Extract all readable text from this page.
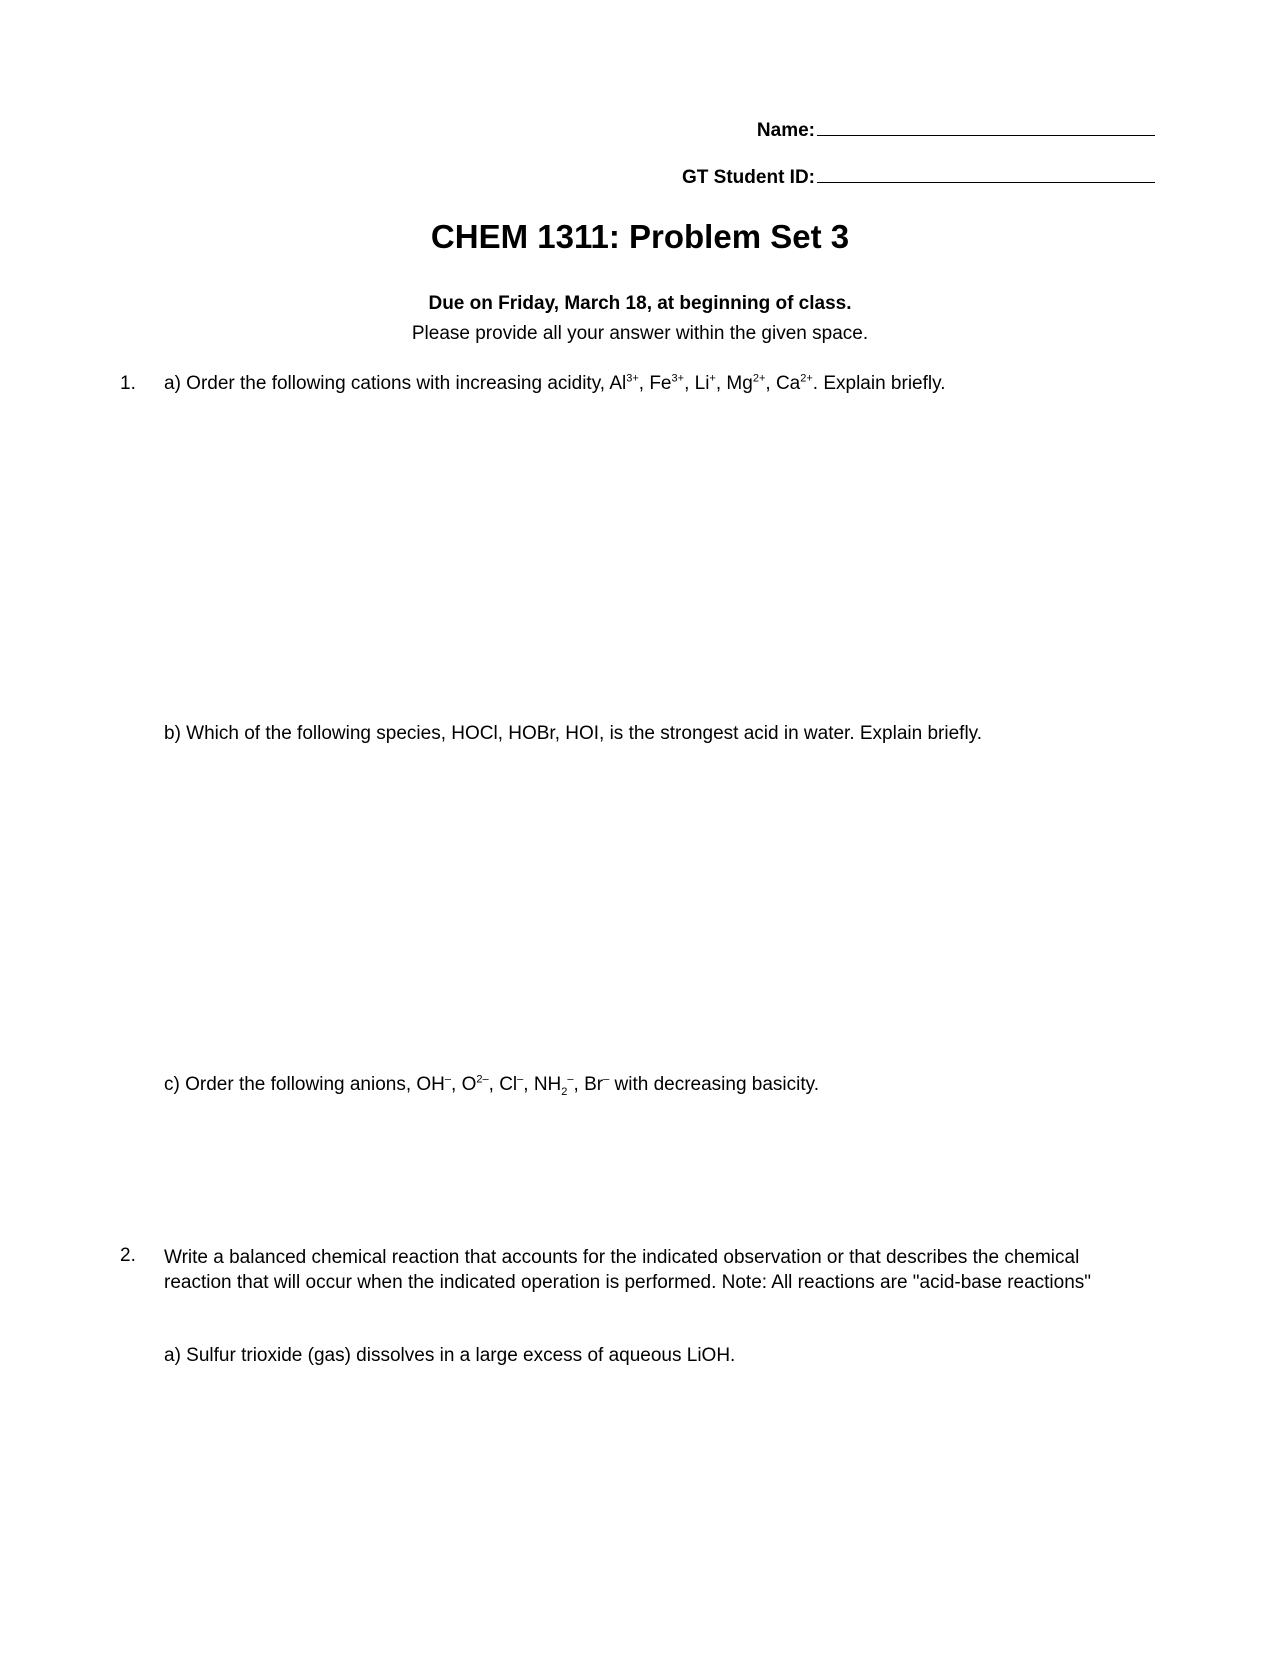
Name:
GT Student ID:
CHEM 1311: Problem Set 3
Due on Friday, March 18, at beginning of class.
Please provide all your answer within the given space.
1. a) Order the following cations with increasing acidity, $Al^{3+}$, $Fe^{3+}$, Li+, $Mg^{2+}$, $Ca^{2+}$. Explain briefly.
b) Which of the following species, HOCl, HOBr, HOI, is the strongest acid in water. Explain briefly.
c) Order the following anions, OH–, $O^{2-}$, Cl–, $NH_2^-$, Br– with decreasing basicity.
2. Write a balanced chemical reaction that accounts for the indicated observation or that describes the chemical reaction that will occur when the indicated operation is performed. Note: All reactions are "acid-base reactions"
a) Sulfur trioxide (gas) dissolves in a large excess of aqueous LiOH.
